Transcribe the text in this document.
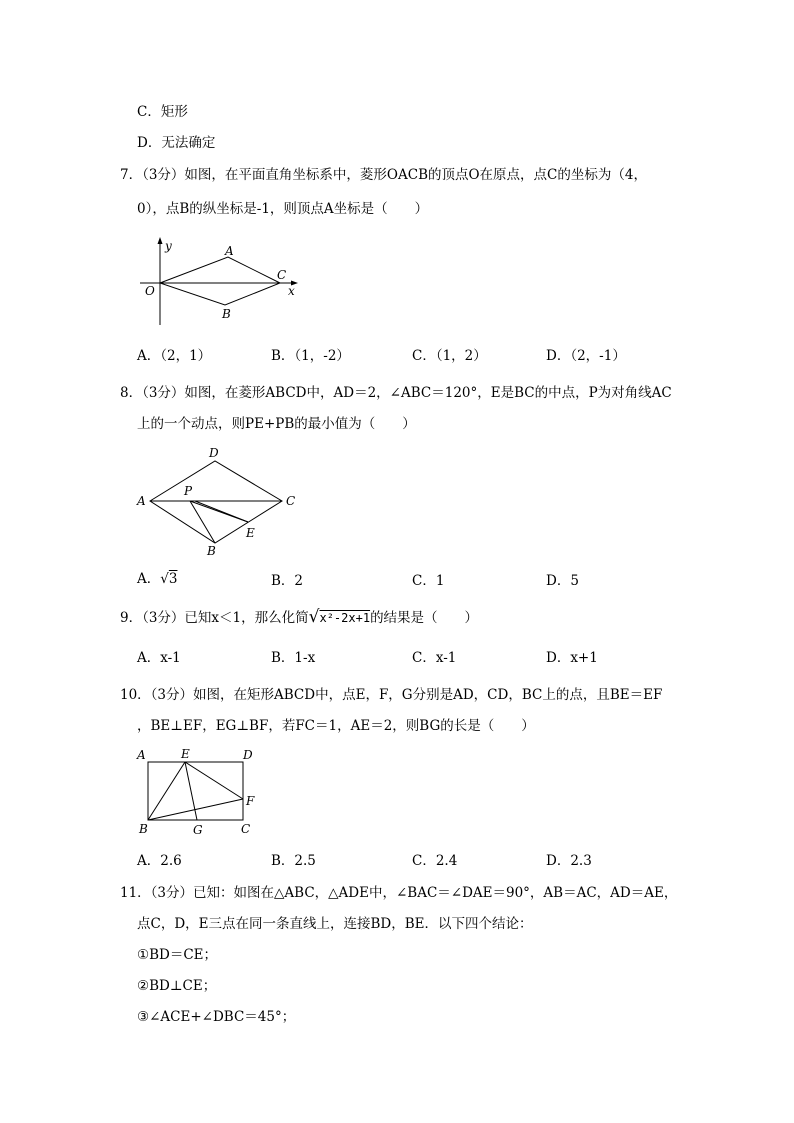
C．矩形
D．无法确定
7．（3分）如图，在平面直角坐标系中，菱形OACB的顶点O在原点，点C的坐标为（4，
0），点B的纵坐标是-1，则顶点A坐标是（　　）
y	A
C
O	x
B
A．（2，1）	B．（1，-2）	C．（1，2）	D．（2，-1）
8．（3分）如图，在菱形ABCD中，AD＝2，∠ABC＝120°，E是BC的中点，P为对角线AC
上的一个动点，则PE+PB的最小值为（　　）
D
P
A	C
E
B
A．√3	B．2	C．1	D．5
9．（3分）已知x＜1，那么化简√x²-2x+1的结果是（　　）
A．x-1	B．1-x	C．x-1	D．x+1
10．（3分）如图，在矩形ABCD中，点E，F，G分别是AD，CD，BC上的点，且BE＝EF
，BE⊥EF，EG⊥BF，若FC＝1，AE＝2，则BG的长是（　　）
A	E	D
F
B	G	C
A．2.6	B．2.5	C．2.4	D．2.3
11．（3分）已知：如图在△ABC，△ADE中，∠BAC＝∠DAE＝90°，AB＝AC，AD＝AE，
点C，D，E三点在同一条直线上，连接BD，BE．以下四个结论：
①BD＝CE；
②BD⊥CE；
③∠ACE+∠DBC＝45°；
